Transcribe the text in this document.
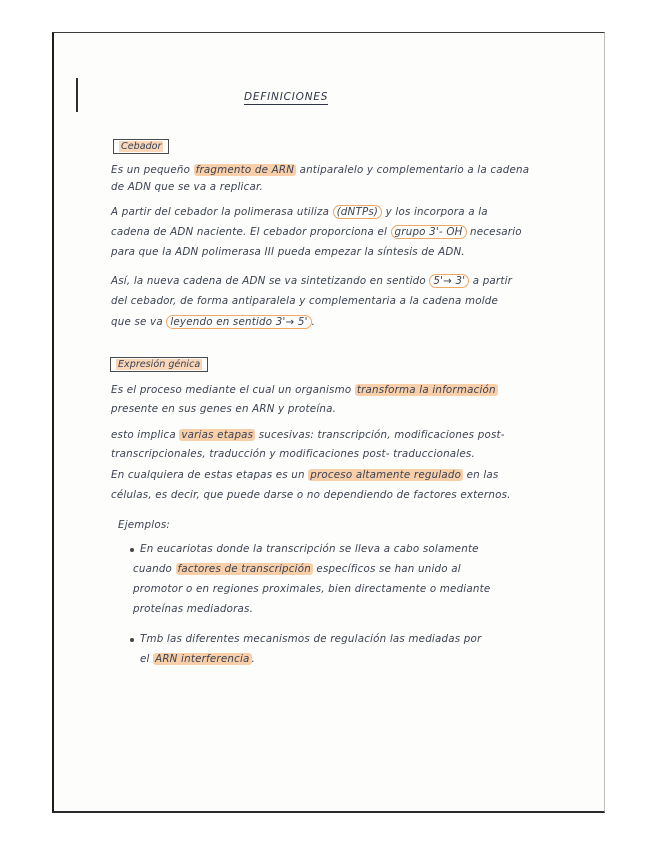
DEFINICIONES
Cebador
Es un pequeño fragmento de ARN antiparalelo y complementario a la cadena
de ADN que se va a replicar.
A partir del cebador la polimerasa utiliza (dNTPs) y los incorpora a la
cadena de ADN naciente. El cebador proporciona el grupo 3'- OH necesario
para que la ADN polimerasa III pueda empezar la síntesis de ADN.
Así, la nueva cadena de ADN se va sintetizando en sentido 5'→ 3' a partir
del cebador, de forma antiparalela y complementaria a la cadena molde
que se va leyendo en sentido 3'→ 5' .
Expresión génica
Es el proceso mediante el cual un organismo transforma la información
presente en sus genes en ARN y proteína.
esto implica varias etapas sucesivas: transcripción, modificaciones post-
transcripcionales, traducción y modificaciones post- traduccionales.
En cualquiera de estas etapas es un proceso altamente regulado en las
células, es decir, que puede darse o no dependiendo de factores externos.
Ejemplos:
En eucariotas donde la transcripción se lleva a cabo solamente
cuando factores de transcripción específicos se han unido al
promotor o en regiones proximales, bien directamente o mediante
proteínas mediadoras.
Tmb las diferentes mecanismos de regulación las mediadas por
el ARN interferencia .
